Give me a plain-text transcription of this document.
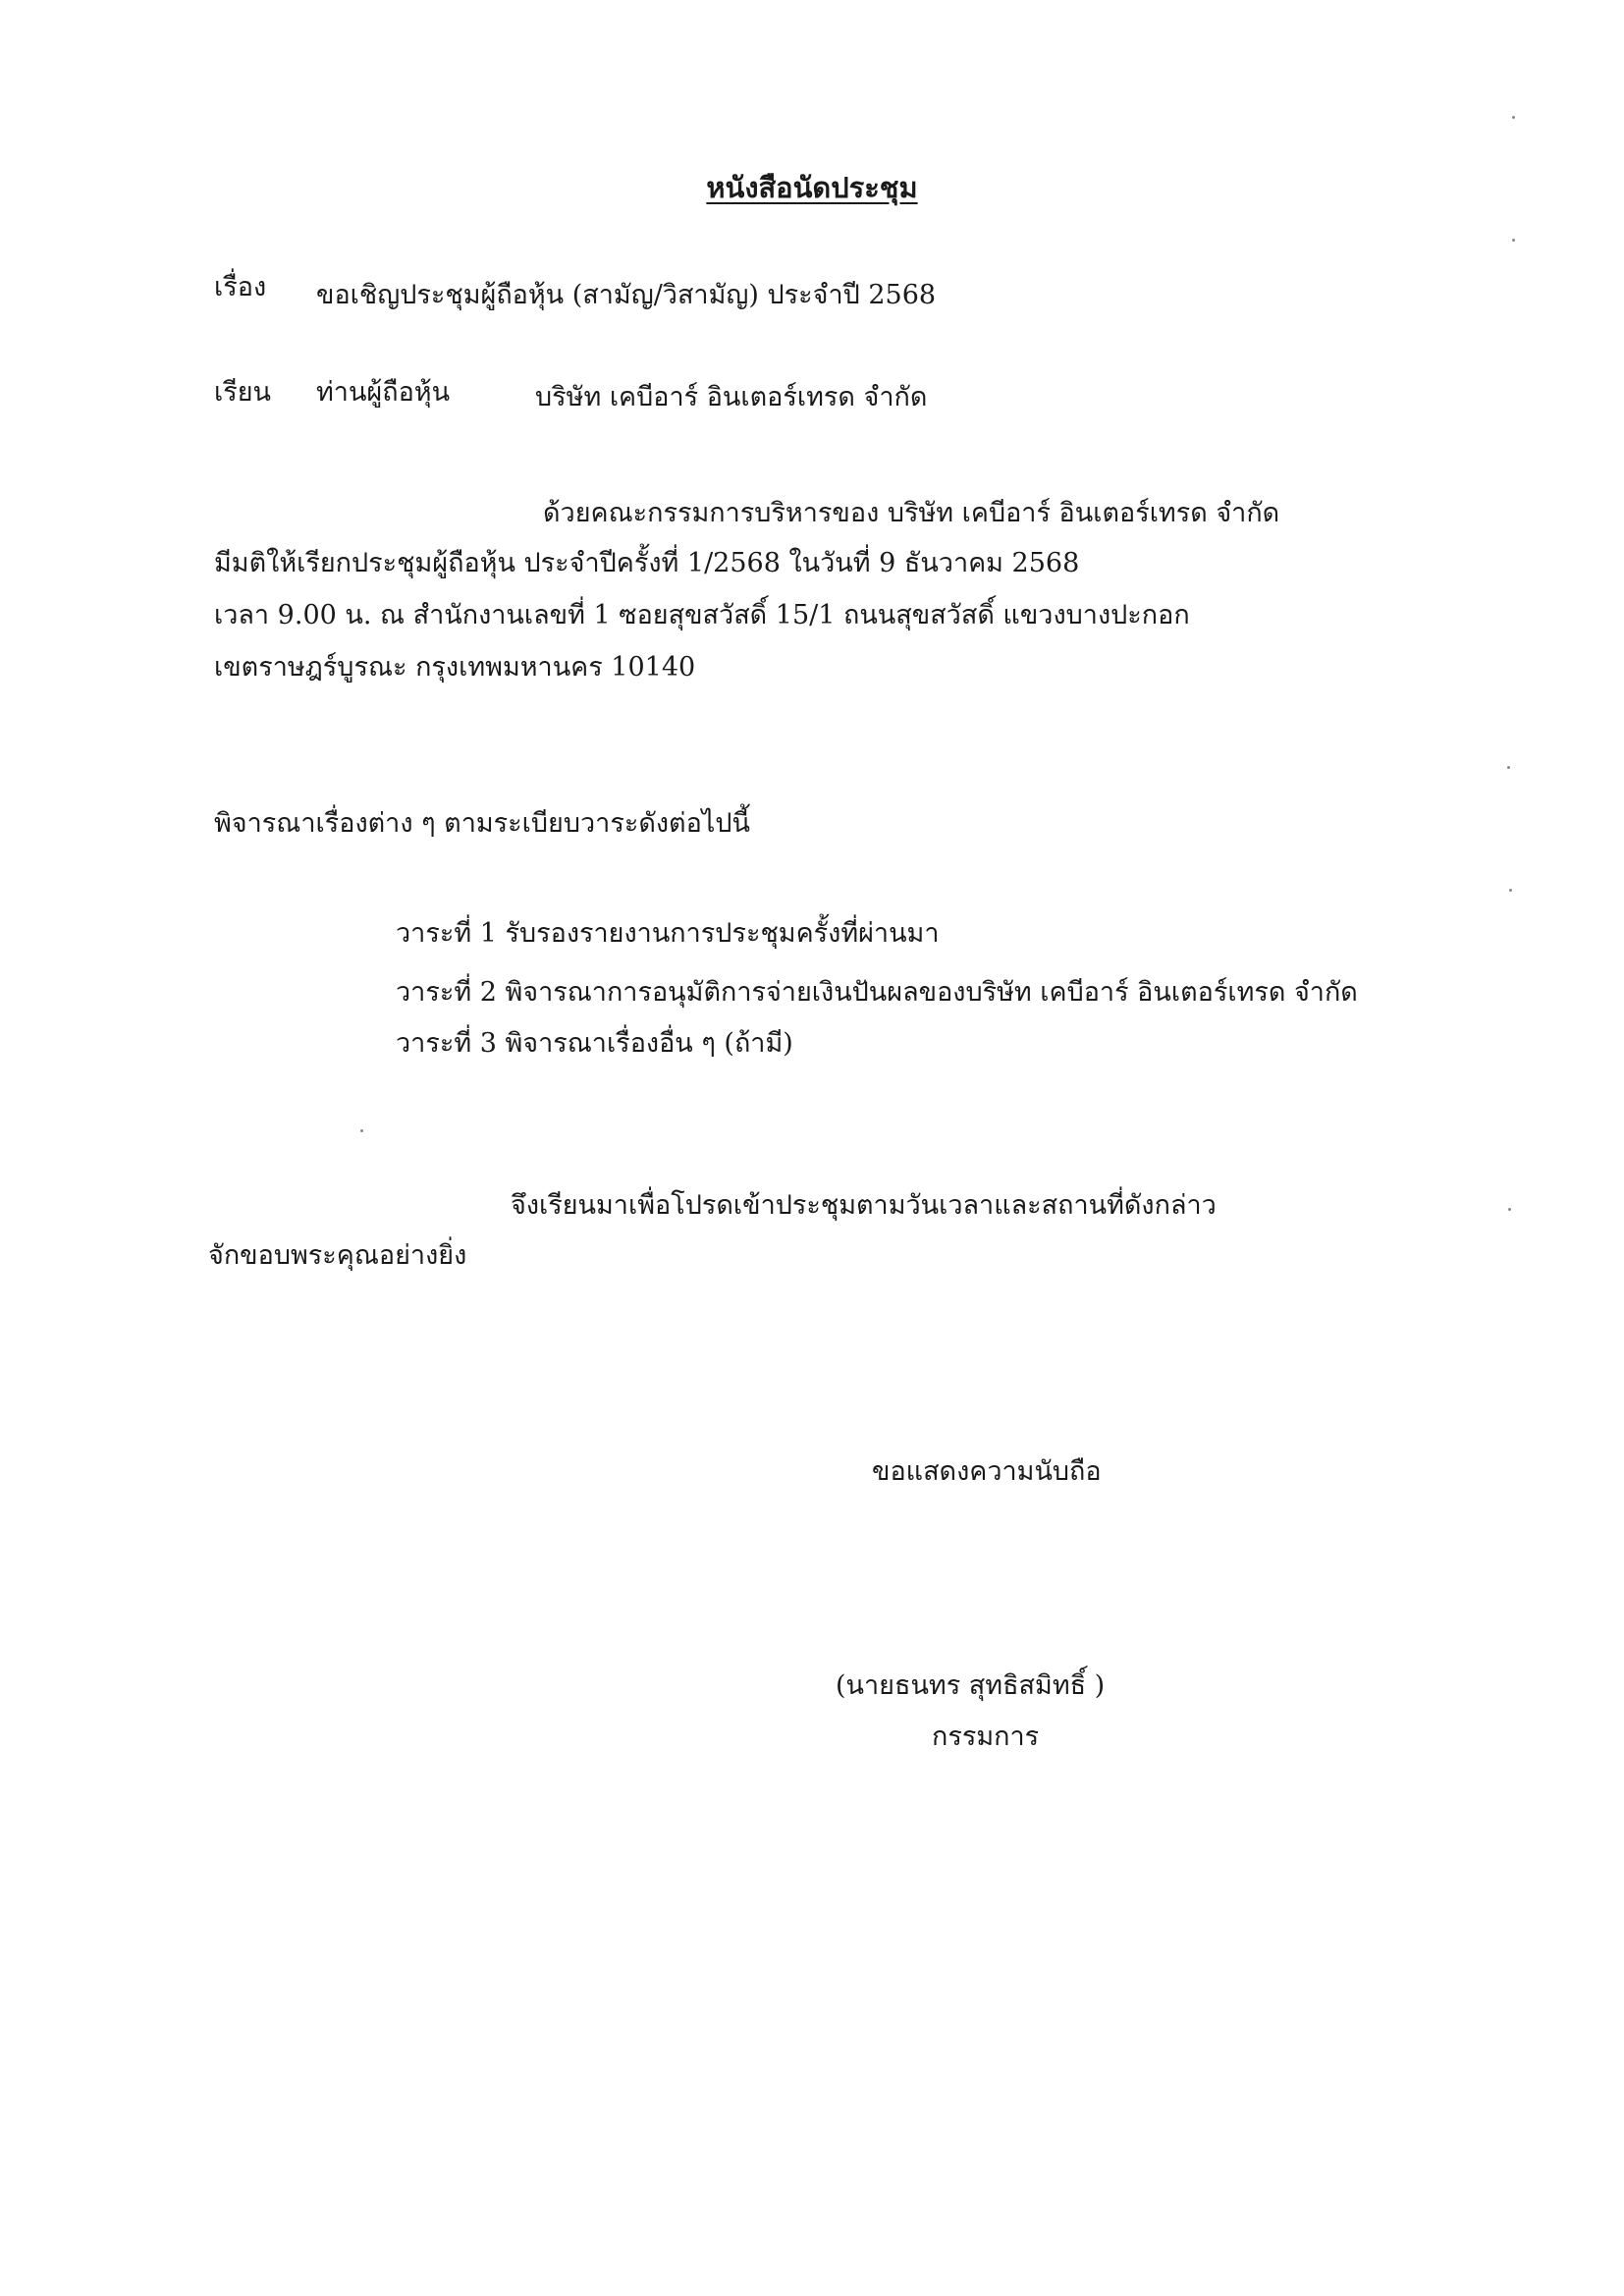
หนังสือนัดประชุม
เรื่อง ขอเชิญประชุมผู้ถือหุ้น (สามัญ/วิสามัญ) ประจำปี 2568
เรียน ท่านผู้ถือหุ้น	บริษัท เคบีอาร์ อินเตอร์เทรด จำกัด
ด้วยคณะกรรมการบริหารของ บริษัท เคบีอาร์ อินเตอร์เทรด จำกัด
มีมติให้เรียกประชุมผู้ถือหุ้น ประจำปีครั้งที่ 1/2568 ในวันที่ 9 ธันวาคม 2568
เวลา 9.00 น. ณ สำนักงานเลขที่ 1 ซอยสุขสวัสดิ์ 15/1 ถนนสุขสวัสดิ์ แขวงบางปะกอก
เขตราษฎร์บูรณะ กรุงเทพมหานคร 10140
พิจารณาเรื่องต่าง ๆ ตามระเบียบวาระดังต่อไปนี้
วาระที่ 1 รับรองรายงานการประชุมครั้งที่ผ่านมา
วาระที่ 2 พิจารณาการอนุมัติการจ่ายเงินปันผลของบริษัท เคบีอาร์ อินเตอร์เทรด จำกัด
วาระที่ 3 พิจารณาเรื่องอื่น ๆ (ถ้ามี)
จึงเรียนมาเพื่อโปรดเข้าประชุมตามวันเวลาและสถานที่ดังกล่าว
จักขอบพระคุณอย่างยิ่ง
ขอแสดงความนับถือ
(นายธนทร สุทธิสมิทธิ์ )
กรรมการ
